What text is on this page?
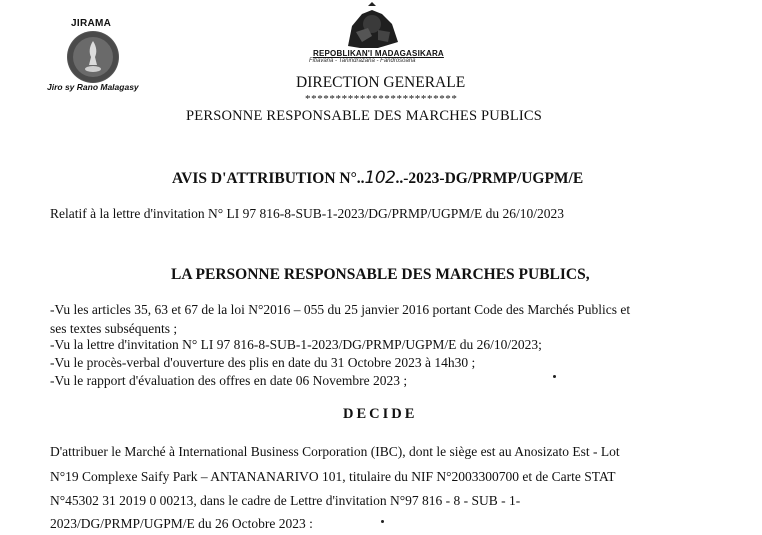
JIRAMA
Jiro sy Rano Malagasy
REPOBLIKAN'I MADAGASIKARA
Fitiavana - Tanindrazana - Fandrosoana
DIRECTION GENERALE
*************************
PERSONNE RESPONSABLE DES MARCHES PUBLICS
AVIS D'ATTRIBUTION N°..102..-2023-DG/PRMP/UGPM/E
Relatif à la lettre d'invitation N° LI 97 816-8-SUB-1-2023/DG/PRMP/UGPM/E du 26/10/2023
LA PERSONNE RESPONSABLE DES MARCHES PUBLICS,
-Vu les articles 35, 63 et 67 de la loi N°2016 – 055 du 25 janvier 2016 portant Code des Marchés Publics et
ses textes subséquents ;
-Vu la lettre d'invitation N° LI 97 816-8-SUB-1-2023/DG/PRMP/UGPM/E du 26/10/2023;
-Vu le procès-verbal d'ouverture des plis en date du 31 Octobre 2023 à 14h30 ;
-Vu le rapport d'évaluation des offres en date 06 Novembre 2023 ;
DECIDE
D'attribuer le Marché à International Business Corporation (IBC), dont le siège est au Anosizato Est - Lot
N°19 Complexe Saify Park – ANTANANARIVO 101, titulaire du NIF N°2003300700 et de Carte STAT
N°45302 31 2019 0 00213, dans le cadre de Lettre d'invitation N°97 816 - 8 - SUB - 1-
2023/DG/PRMP/UGPM/E du 26 Octobre 2023 :
